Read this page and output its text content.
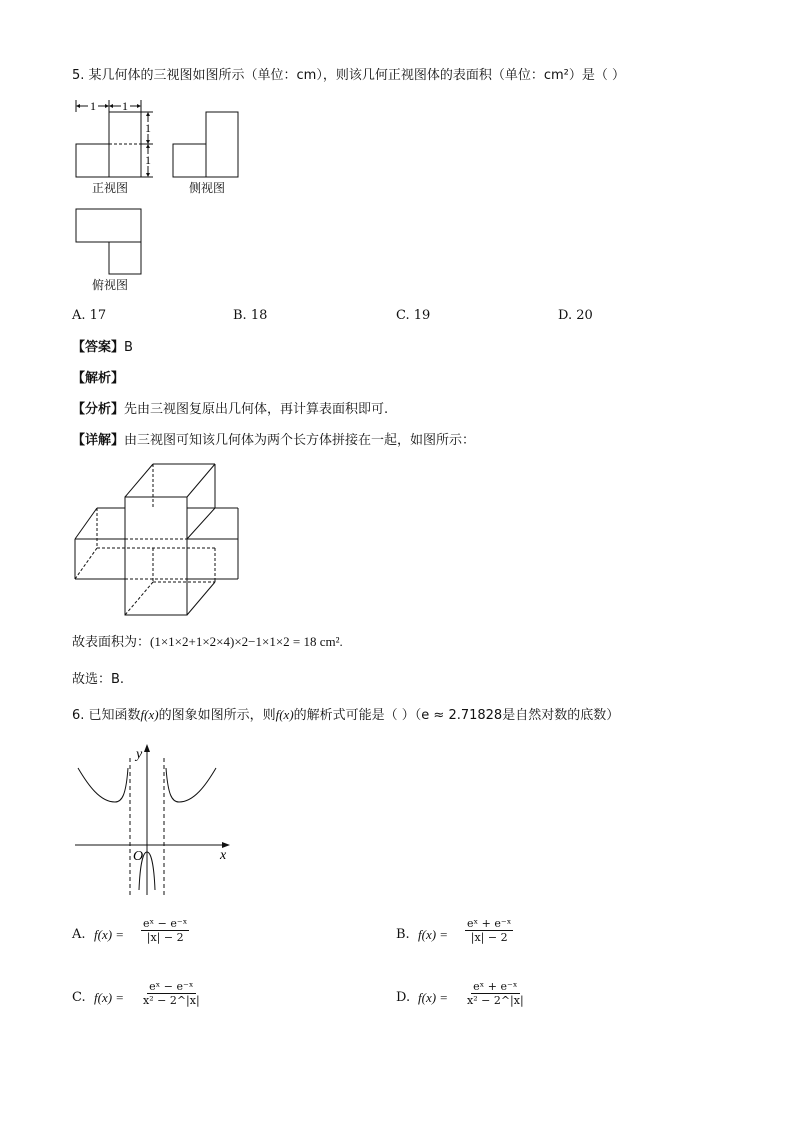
5. 某几何体的三视图如图所示（单位：cm），则该几何正视图体的表面积（单位：cm²）是（ ）
1 1
1
1
正视图	侧视图
俯视图
A. 17	B. 18	C. 19	D. 20
【答案】B
【解析】
【分析】先由三视图复原出几何体，再计算表面积即可.
【详解】由三视图可知该几何体为两个长方体拼接在一起，如图所示：
故表面积为：(1×1×2+1×2×4)×2−1×1×2 = 18 cm².
故选：B.
6. 已知函数f(x)的图象如图所示，则f(x)的解析式可能是（ ）（e ≈ 2.71828是自然对数的底数）
y
x
O
A. $f(x) = \frac{\text{eˣ − e⁻ˣ}}{|x| - 2}$	B. $f(x) = \frac{\text{eˣ + e⁻ˣ}}{|x| - 2}$
C. $f(x) = \frac{\text{eˣ − e⁻ˣ}}{\text{x² − 2\textasciicircum{}|x|}}$	D. $f(x) = \frac{\text{eˣ + e⁻ˣ}}{\text{x² − 2\textasciicircum{}|x|}}$
